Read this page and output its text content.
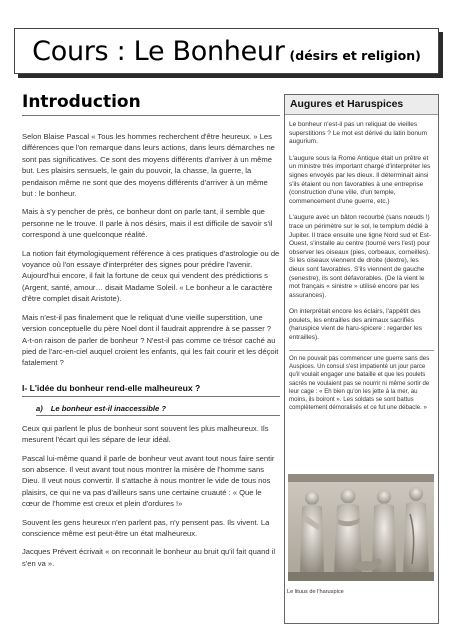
Cours : Le Bonheur (désirs et religion)
Introduction

Selon Blaise Pascal « Tous les hommes recherchent d'être heureux. » Les différences que l'on remarque dans leurs actions, dans leurs démarches ne sont pas significatives. Ce sont des moyens différents d'arriver à un même but. Les plaisirs sensuels, le gain du pouvoir, la chasse, la guerre, la pendaison même ne sont que des moyens différents d'arriver à un même but : le bonheur.

Mais à s'y pencher de près, ce bonheur dont on parle tant, il semble que personne ne le trouve. Il parle à nos désirs, mais il est difficile de savoir s'il correspond à une quelconque réalité.

La notion fait étymologiquement référence à ces pratiques d'astrologie ou de voyance où l'on essaye d'interpréter des signes pour prédire l'avenir. Aujourd'hui encore, il fait la fortune de ceux qui vendent des prédictions s (Argent, santé, amour… disait Madame Soleil. « Le bonheur a le caractère d'être complet disait Aristote).

Mais n'est-il pas finalement que le reliquat d'une vieille superstition, une version conceptuelle du père Noel dont il faudrait apprendre à se passer ? A-t-on raison de parler de bonheur ? N'est-il pas comme ce trésor caché au pied de l'arc-en-ciel auquel croient les enfants, qui les fait courir et les déçoit fatalement ?

I- L'idée du bonheur rend-elle malheureux ?
a) Le bonheur est-il inaccessible ?

Ceux qui parlent le plus de bonheur sont souvent les plus malheureux. Ils mesurent l'écart qui les sépare de leur idéal.

Pascal lui-même quand il parle de bonheur veut avant tout nous faire sentir son absence. Il veut avant tout nous montrer la misère de l'homme sans Dieu. Il veut nous convertir. Il s'attache à nous montrer le vide de tous nos plaisirs, ce qui ne va pas d'ailleurs sans une certaine cruauté : « Que le cœur de l'homme est creux et plein d'ordures !»

Souvent les gens heureux n'en parlent pas, n'y pensent pas. Ils vivent. La conscience même est peut-être un état malheureux.

Jacques Prévert écrivait « on reconnait le bonheur au bruit qu'il fait quand il s'en va ».

Augures et Haruspices

Le bonheur n'est-il pas un reliquat de vieilles superstitions ? Le mot est dérivé du latin bonum augurium.

L'augure sous la Rome Antique était un prêtre et un ministre très important chargé d'interpréter les signes envoyés par les dieux. Il déterminait ainsi s'ils étaient ou non favorables à une entreprise (construction d'une ville, d'un temple, commencement d'une guerre, etc.)

L'augure avec un bâton recourbé (sans nœuds !) trace un périmètre sur le sol, le templum dédié à Jupiter. Il trace ensuite une ligne Nord sud et Est-Ouest, s'installe au centre (tourné vers l'est) pour observer les oiseaux (pies, corbeaux, corneilles). Si les oiseaux viennent de droite (dextre), les dieux sont favorables. S'ils viennent de gauche (senestre), ils sont défavorables. (De là vient le mot français « sinistre » utilisé encore par les assurances).

On interprétait encore les éclairs, l'appétit des poulets, les entrailles des animaux sacrifiés (haruspice vient de haru-spicere : regarder les entrailles).

On ne pouvait pas commencer une guerre sans des Auspices. Un consul s'est impatienté un jour parce qu'il voulait engager une bataille et que les poulets sacrés ne voulaient pas se nourrir ni même sortir de leur cage : « Eh bien qu'on les jette à la mer, au moins, ils boiront ». Les soldats se sont battus complètement démoralisés et ce fut une débacle. »

Le lituus de l'haruspice
